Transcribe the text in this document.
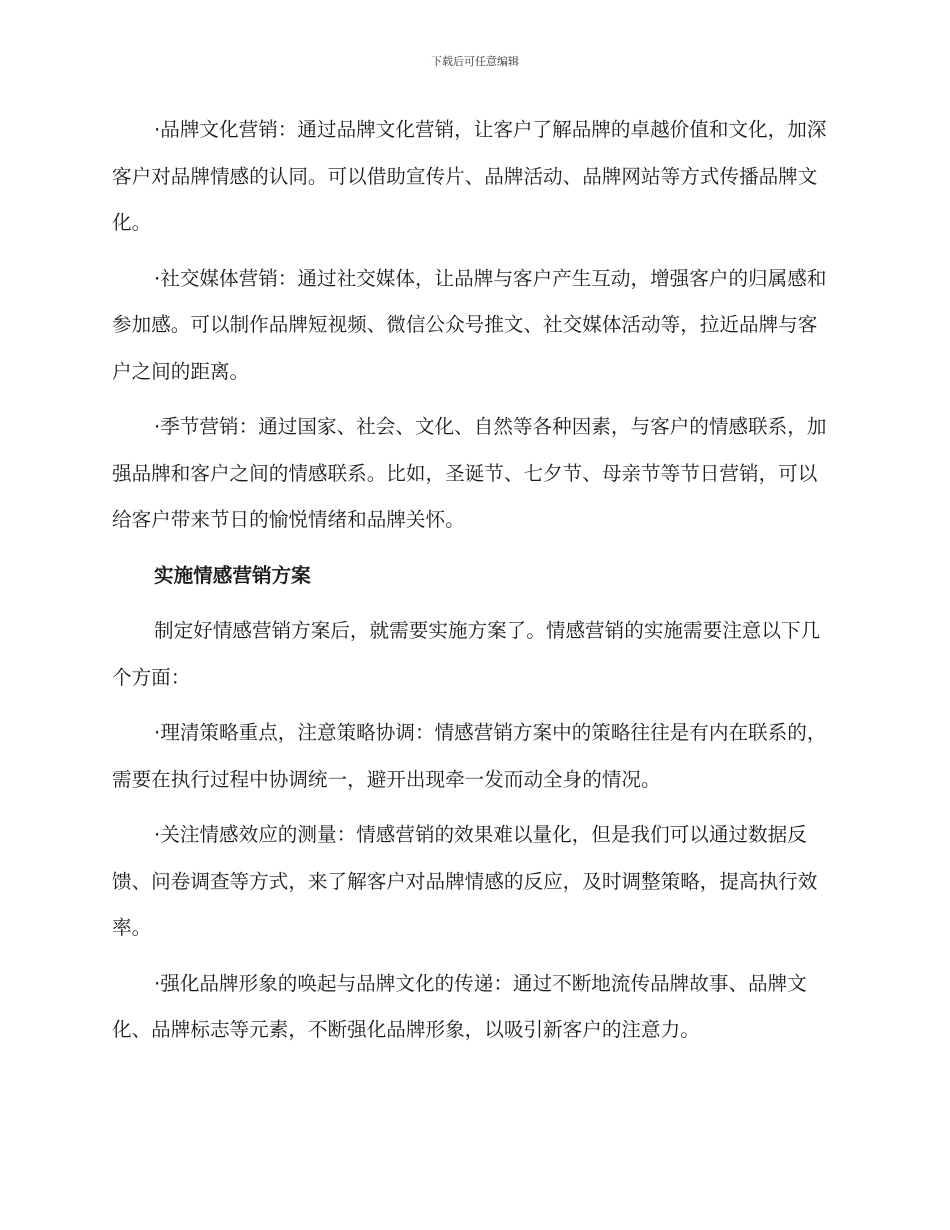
下载后可任意编辑

·品牌文化营销：通过品牌文化营销，让客户了解品牌的卓越价值和文化，加深客户对品牌情感的认同。可以借助宣传片、品牌活动、品牌网站等方式传播品牌文化。

·社交媒体营销：通过社交媒体，让品牌与客户产生互动，增强客户的归属感和参加感。可以制作品牌短视频、微信公众号推文、社交媒体活动等，拉近品牌与客户之间的距离。

·季节营销：通过国家、社会、文化、自然等各种因素，与客户的情感联系，加强品牌和客户之间的情感联系。比如，圣诞节、七夕节、母亲节等节日营销，可以给客户带来节日的愉悦情绪和品牌关怀。

实施情感营销方案

制定好情感营销方案后，就需要实施方案了。情感营销的实施需要注意以下几个方面：

·理清策略重点，注意策略协调：情感营销方案中的策略往往是有内在联系的，需要在执行过程中协调统一，避开出现牵一发而动全身的情况。

·关注情感效应的测量：情感营销的效果难以量化，但是我们可以通过数据反馈、问卷调查等方式，来了解客户对品牌情感的反应，及时调整策略，提高执行效率。

·强化品牌形象的唤起与品牌文化的传递：通过不断地流传品牌故事、品牌文化、品牌标志等元素，不断强化品牌形象，以吸引新客户的注意力。
